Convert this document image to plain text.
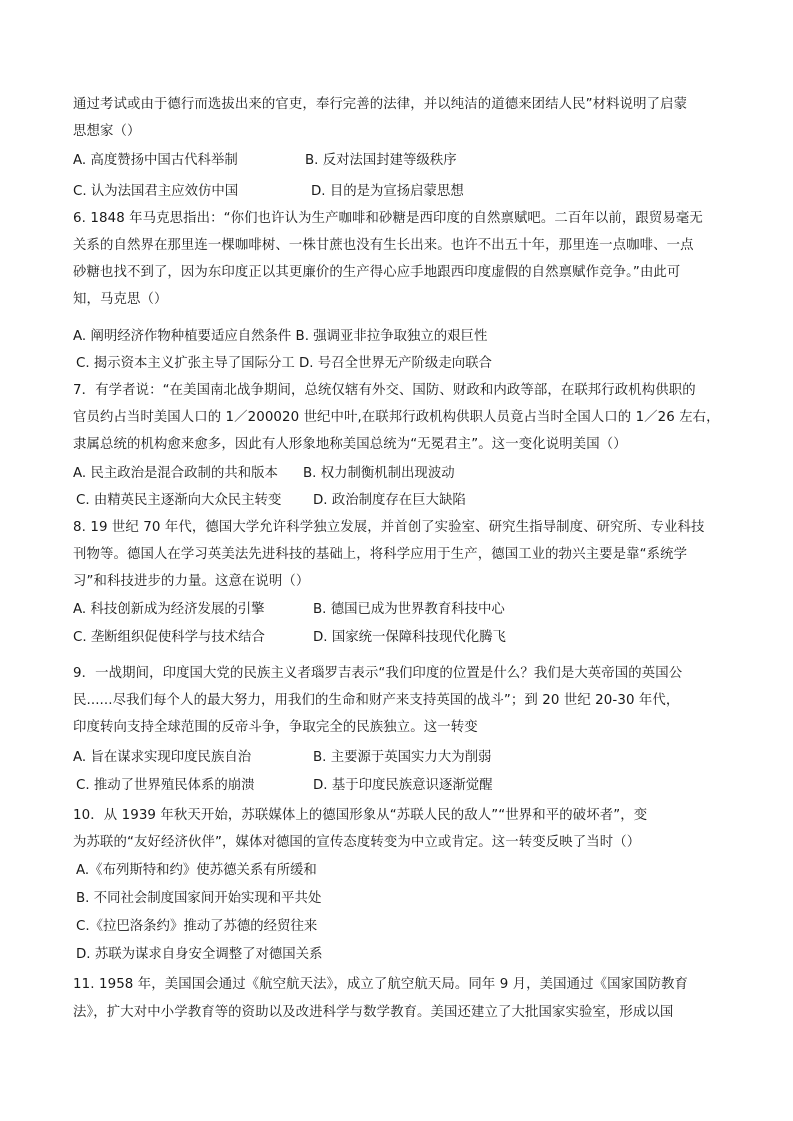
通过考试或由于德行而选拔出来的官吏，奉行完善的法律，并以纯洁的道德来团结人民”材料说明了启蒙
思想家（）
A. 高度赞扬中国古代科举制	B. 反对法国封建等级秩序
C. 认为法国君主应效仿中国	D. 目的是为宣扬启蒙思想
6. 1848 年马克思指出：“你们也许认为生产咖啡和砂糖是西印度的自然禀赋吧。二百年以前，跟贸易毫无
关系的自然界在那里连一棵咖啡树、一株甘蔗也没有生长出来。也许不出五十年，那里连一点咖啡、一点
砂糖也找不到了，因为东印度正以其更廉价的生产得心应手地跟西印度虚假的自然禀赋作竞争。”由此可
知，马克思（）
A. 阐明经济作物种植要适应自然条件 B. 强调亚非拉争取独立的艰巨性
C. 揭示资本主义扩张主导了国际分工 D. 号召全世界无产阶级走向联合
7．有学者说：“在美国南北战争期间，总统仅辖有外交、国防、财政和内政等部，在联邦行政机构供职的
官员约占当时美国人口的 1／200020 世纪中叶,在联邦行政机构供职人员竟占当时全国人口的 1／26 左右，
隶属总统的机构愈来愈多，因此有人形象地称美国总统为“无冕君主”。这一变化说明美国（）
A. 民主政治是混合政制的共和版本 B. 权力制衡机制出现波动
C. 由精英民主逐渐向大众民主转变 D. 政治制度存在巨大缺陷
8. 19 世纪 70 年代，德国大学允许科学独立发展，并首创了实验室、研究生指导制度、研究所、专业科技
刊物等。德国人在学习英美法先进科技的基础上，将科学应用于生产，德国工业的勃兴主要是靠“系统学
习”和科技进步的力量。这意在说明（）
A. 科技创新成为经济发展的引擎	B. 德国已成为世界教育科技中心
C. 垄断组织促使科学与技术结合	D. 国家统一保障科技现代化腾飞
9．一战期间，印度国大党的民族主义者瑙罗吉表示“我们印度的位置是什么？我们是大英帝国的英国公
民......尽我们每个人的最大努力，用我们的生命和财产来支持英国的战斗”；到 20 世纪 20-30 年代，
印度转向支持全球范围的反帝斗争，争取完全的民族独立。这一转变
A. 旨在谋求实现印度民族自治	B. 主要源于英国实力大为削弱
C. 推动了世界殖民体系的崩溃	D. 基于印度民族意识逐渐觉醒
10．从 1939 年秋天开始，苏联媒体上的德国形象从“苏联人民的敌人”“世界和平的破坏者”，变
为苏联的“友好经济伙伴”，媒体对德国的宣传态度转变为中立或肯定。这一转变反映了当时（）
A.《布列斯特和约》使苏德关系有所缓和
B. 不同社会制度国家间开始实现和平共处
C.《拉巴洛条约》推动了苏德的经贸往来
D. 苏联为谋求自身安全调整了对德国关系
11. 1958 年，美国国会通过《航空航天法》，成立了航空航天局。同年 9 月，美国通过《国家国防教育
法》，扩大对中小学教育等的资助以及改进科学与数学教育。美国还建立了大批国家实验室，形成以国
